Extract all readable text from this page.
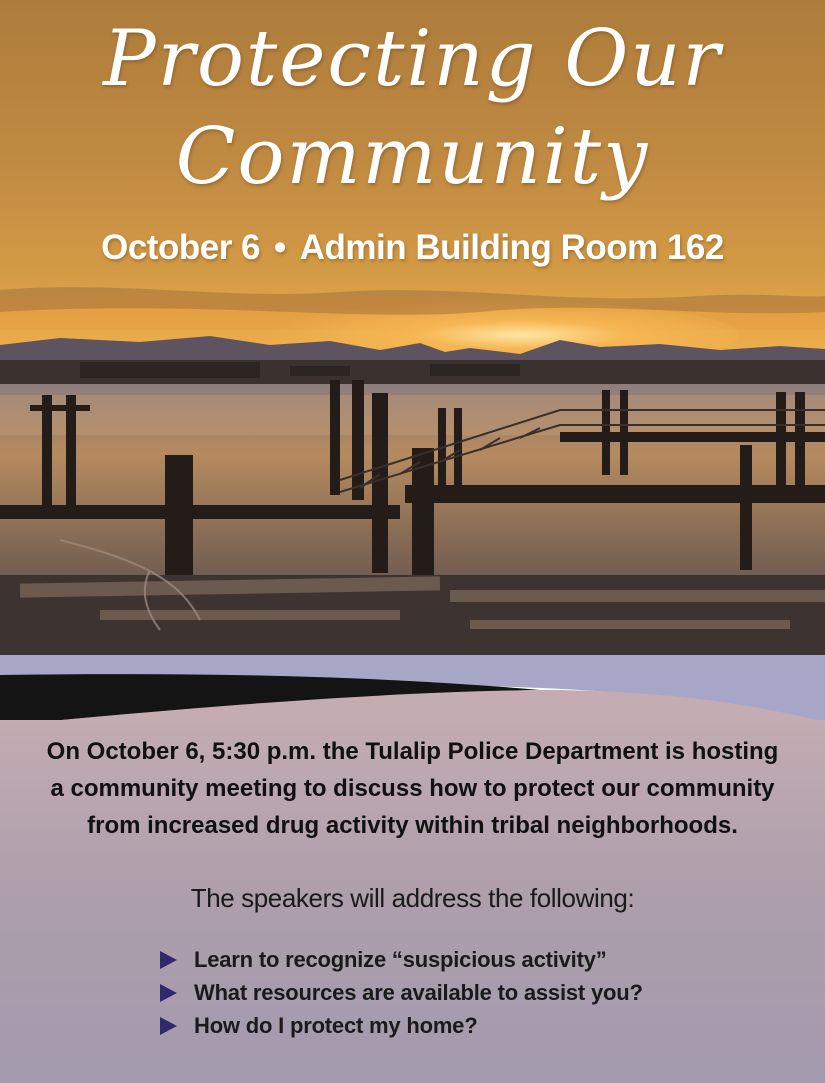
Protecting Our
Community
October 6 • Admin Building Room 162

On October 6, 5:30 p.m. the Tulalip Police Department is hosting
a community meeting to discuss how to protect our community
from increased drug activity within tribal neighborhoods.

The speakers will address the following:
Learn to recognize “suspicious activity”
What resources are available to assist you?
How do I protect my home?
